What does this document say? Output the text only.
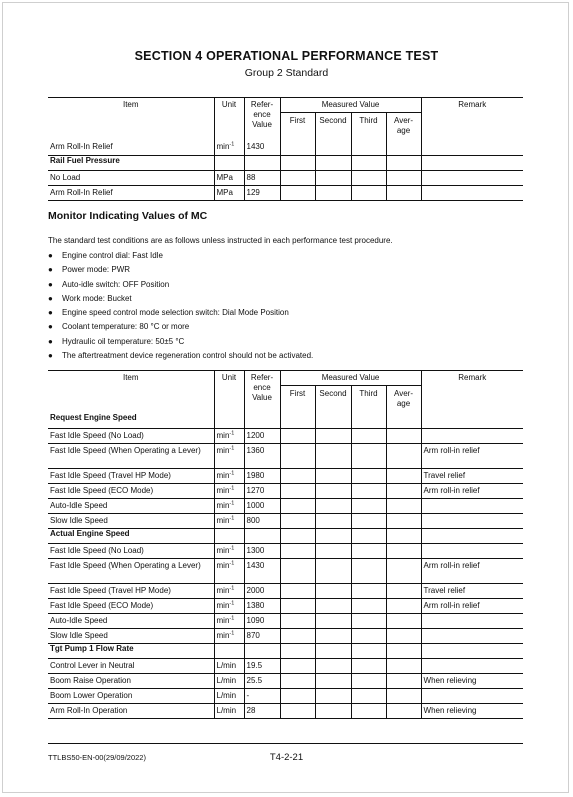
SECTION 4 OPERATIONAL PERFORMANCE TEST
Group 2 Standard
Item	Unit	Refer-
ence
Value	Measured Value				Remark
			First	Second	Third	Aver-
age	

Arm Roll-In Relief	$\min^{-1}$	1430					
Rail Fuel Pressure							
No Load	MPa	88					
Arm Roll-In Relief	MPa	129					
Monitor Indicating Values of MC
The standard test conditions are as follows unless instructed in each performance test procedure.
● Engine control dial: Fast Idle
● Power mode: PWR
● Auto-idle switch: OFF Position
● Work mode: Bucket
● Engine speed control mode selection switch: Dial Mode Position
● Coolant temperature: 80 °C or more
● Hydraulic oil temperature: 50±5 °C
● The aftertreatment device regeneration control should not be activated.
Item	Unit	Refer-
ence
Value	Measured Value				Remark
			First	Second	Third	Aver-
age	

Request Engine Speed							
Fast Idle Speed (No Load)	$\min^{-1}$	1200					
Fast Idle Speed (When Operating a Lever)	$\min^{-1}$	1360					Arm roll-in relief
Fast Idle Speed (Travel HP Mode)	$\min^{-1}$	1980					Travel relief
Fast Idle Speed (ECO Mode)	$\min^{-1}$	1270					Arm roll-in relief
Auto-Idle Speed	$\min^{-1}$	1000					
Slow Idle Speed	$\min^{-1}$	800					
Actual Engine Speed							
Fast Idle Speed (No Load)	$\min^{-1}$	1300					
Fast Idle Speed (When Operating a Lever)	$\min^{-1}$	1430					Arm roll-in relief
Fast Idle Speed (Travel HP Mode)	$\min^{-1}$	2000					Travel relief
Fast Idle Speed (ECO Mode)	$\min^{-1}$	1380					Arm roll-in relief
Auto-Idle Speed	$\min^{-1}$	1090					
Slow Idle Speed	$\min^{-1}$	870					
Tgt Pump 1 Flow Rate							
Control Lever in Neutral	L/min	19.5					
Boom Raise Operation	L/min	25.5					When relieving
Boom Lower Operation	L/min	-					
Arm Roll-In Operation	L/min	28					When relieving
TTLBS50-EN-00(29/09/2022)	T4-2-21
